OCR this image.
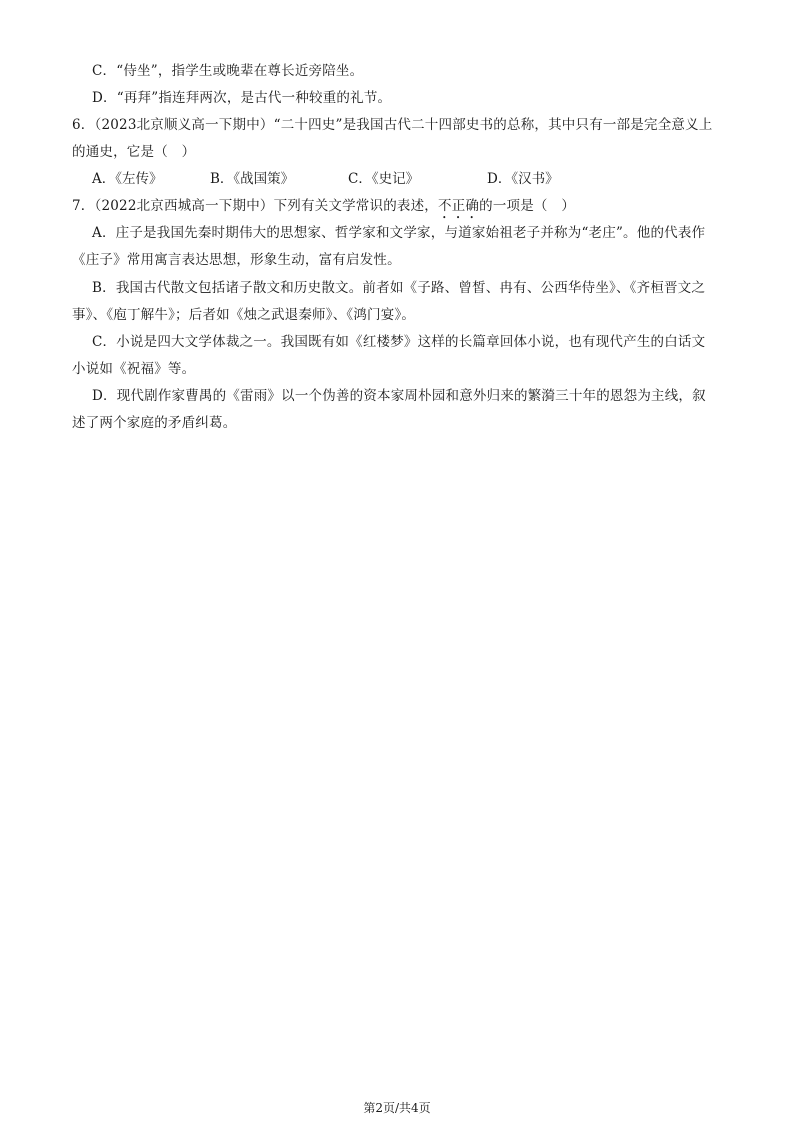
C．“侍坐”，指学生或晚辈在尊长近旁陪坐。
D．“再拜”指连拜两次，是古代一种较重的礼节。
6．（2023北京顺义高一下期中）“二十四史”是我国古代二十四部史书的总称，其中只有一部是完全意义上
的通史，它是（　）
A．《左传》	B．《战国策》	C．《史记》	D．《汉书》
7．（2022北京西城高一下期中）下列有关文学常识的表述，不正确的一项是（　）
A．庄子是我国先秦时期伟大的思想家、哲学家和文学家，与道家始祖老子并称为“老庄”。他的代表作
《庄子》常用寓言表达思想，形象生动，富有启发性。
B．我国古代散文包括诸子散文和历史散文。前者如《子路、曾皙、冉有、公西华侍坐》、《齐桓晋文之
事》、《庖丁解牛》；后者如《烛之武退秦师》、《鸿门宴》。
C．小说是四大文学体裁之一。我国既有如《红楼梦》这样的长篇章回体小说，也有现代产生的白话文
小说如《祝福》等。
D．现代剧作家曹禺的《雷雨》以一个伪善的资本家周朴园和意外归来的繁漪三十年的恩怨为主线，叙
述了两个家庭的矛盾纠葛。
第2页/共4页
